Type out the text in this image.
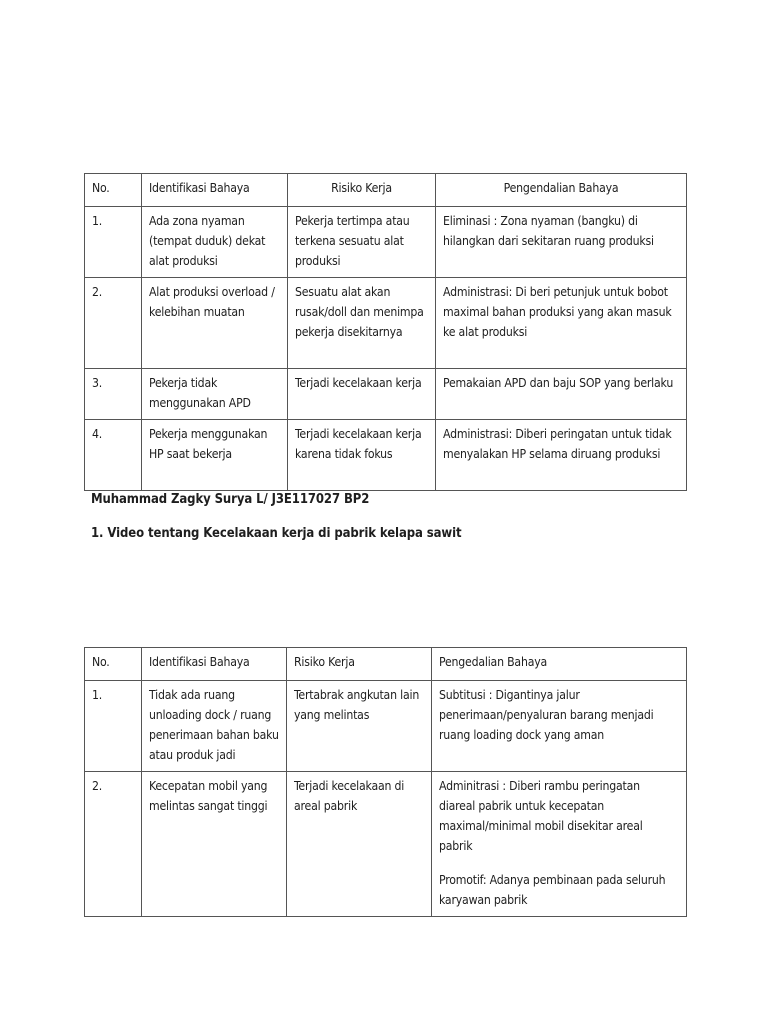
No.	Identifikasi Bahaya	Risiko Kerja	Pengendalian Bahaya
1.	Ada zona nyaman (tempat duduk) dekat alat produksi	Pekerja tertimpa atau terkena sesuatu alat produksi	Eliminasi : Zona nyaman (bangku) di hilangkan dari sekitaran ruang produksi
2.	Alat produksi overload / kelebihan muatan	Sesuatu alat akan rusak/doll dan menimpa pekerja disekitarnya	Administrasi: Di beri petunjuk untuk bobot maximal bahan produksi yang akan masuk ke alat produksi
3.	Pekerja tidak menggunakan APD	Terjadi kecelakaan kerja	Pemakaian APD dan baju SOP yang berlaku
4.	Pekerja menggunakan HP saat bekerja	Terjadi kecelakaan kerja karena tidak fokus	Administrasi: Diberi peringatan untuk tidak menyalakan HP selama diruang produksi
Muhammad Zagky Surya L/ J3E117027 BP2
1. Video tentang Kecelakaan kerja di pabrik kelapa sawit
No.	Identifikasi Bahaya	Risiko Kerja	Pengedalian Bahaya
1.	Tidak ada ruang unloading dock / ruang penerimaan bahan baku atau produk jadi	Tertabrak angkutan lain yang melintas	Subtitusi : Digantinya jalur penerimaan/penyaluran barang menjadi ruang loading dock yang aman
2.	Kecepatan mobil yang melintas sangat tinggi	Terjadi kecelakaan di areal pabrik	Adminitrasi : Diberi rambu peringatan diareal pabrik untuk kecepatan maximal/minimal mobil disekitar areal pabrik
Promotif: Adanya pembinaan pada seluruh karyawan pabrik
